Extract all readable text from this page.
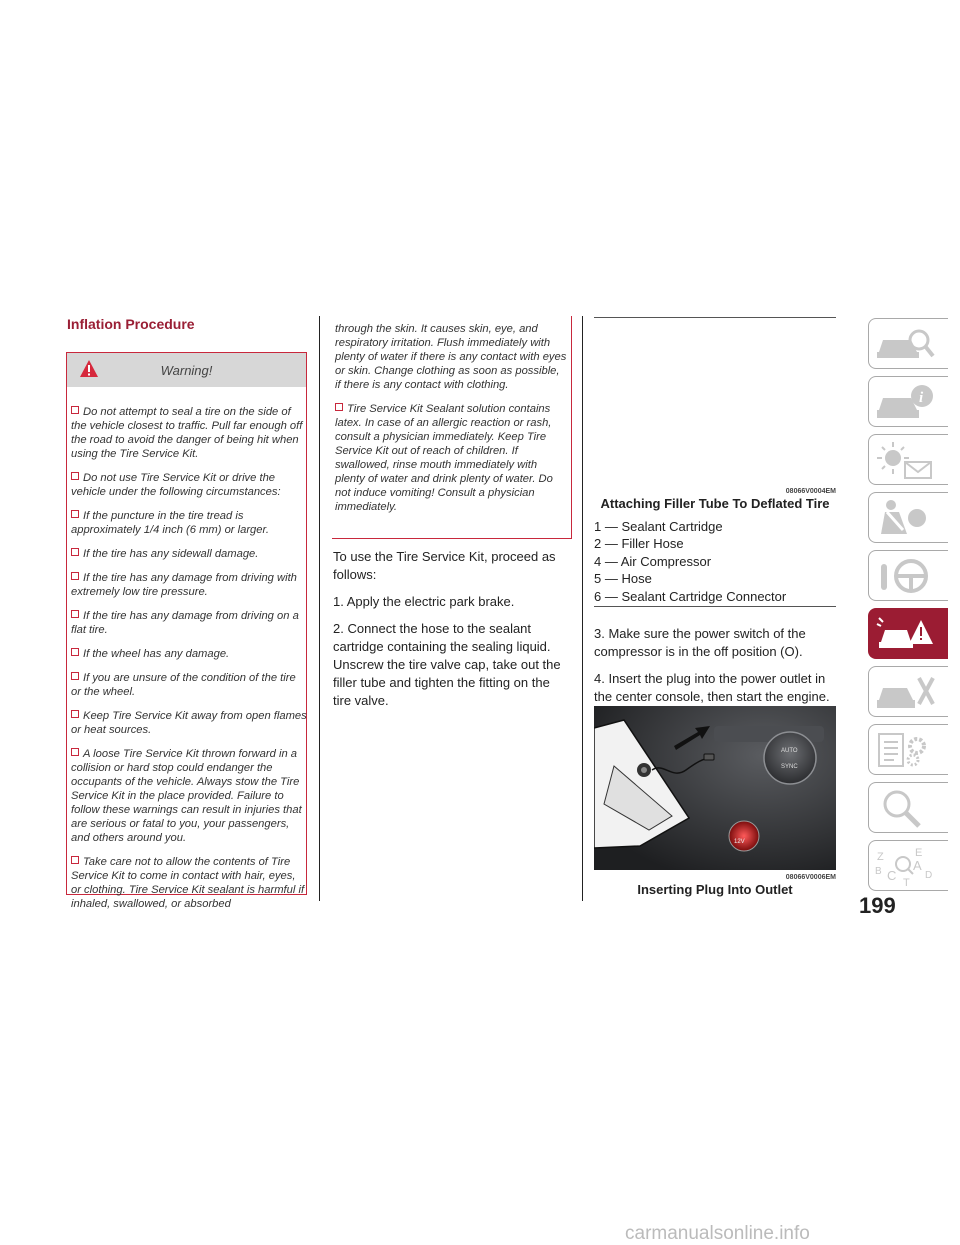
Inflation Procedure
Warning!
Do not attempt to seal a tire on the side of the vehicle closest to traffic. Pull far enough off the road to avoid the danger of being hit when using the Tire Service Kit.
Do not use Tire Service Kit or drive the vehicle under the following circumstances:
If the puncture in the tire tread is approximately 1/4 inch (6 mm) or larger.
If the tire has any sidewall damage.
If the tire has any damage from driving with extremely low tire pressure.
If the tire has any damage from driving on a flat tire.
If the wheel has any damage.
If you are unsure of the condition of the tire or the wheel.
Keep Tire Service Kit away from open flames or heat sources.
A loose Tire Service Kit thrown forward in a collision or hard stop could endanger the occupants of the vehicle. Always stow the Tire Service Kit in the place provided. Failure to follow these warnings can result in injuries that are serious or fatal to you, your passengers, and others around you.
Take care not to allow the contents of Tire Service Kit to come in contact with hair, eyes, or clothing. Tire Service Kit sealant is harmful if inhaled, swallowed, or absorbed
through the skin. It causes skin, eye, and respiratory irritation. Flush immediately with plenty of water if there is any contact with eyes or skin. Change clothing as soon as possible, if there is any contact with clothing.
Tire Service Kit Sealant solution contains latex. In case of an allergic reaction or rash, consult a physician immediately. Keep Tire Service Kit out of reach of children. If swallowed, rinse mouth immediately with plenty of water and drink plenty of water. Do not induce vomiting! Consult a physician immediately.

To use the Tire Service Kit, proceed as follows:

1. Apply the electric park brake.

2. Connect the hose to the sealant cartridge containing the sealing liquid. Unscrew the tire valve cap, take out the filler tube and tighten the fitting on the tire valve.

08066V0004EM
Attaching Filler Tube To Deflated Tire
1 — Sealant Cartridge
2 — Filler Hose
4 — Air Compressor
5 — Hose
6 — Sealant Cartridge Connector

3. Make sure the power switch of the compressor is in the off position (O).

4. Insert the plug into the power outlet in the center console, then start the engine.

AUTO
SYNC
12V
08066V0006EM
Inserting Plug Into Outlet
i
Z	E
B A
C	D
T
199
carmanualsonline.info
